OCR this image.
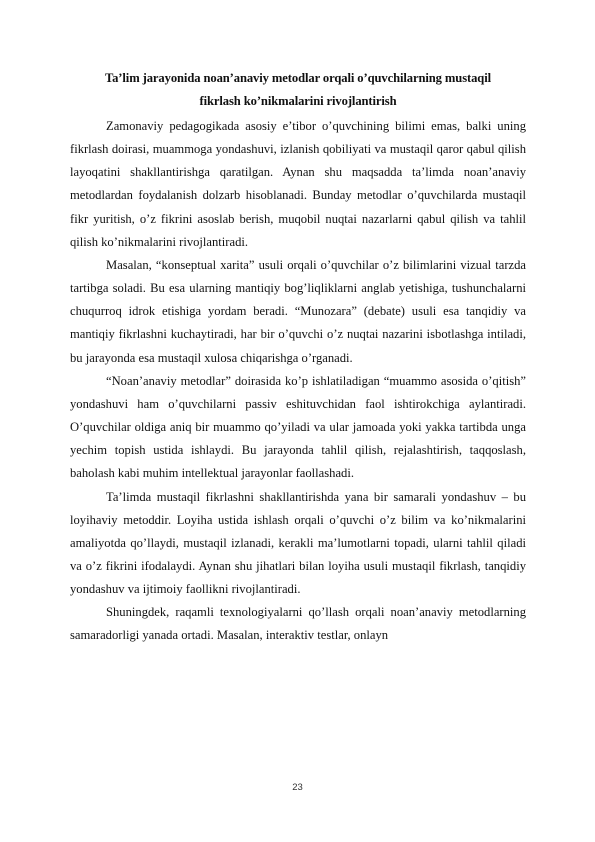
Ta’lim jarayonida noan’anaviy metodlar orqali o’quvchilarning mustaqil
fikrlash ko’nikmalarini rivojlantirish

Zamonaviy pedagogikada asosiy e’tibor o’quvchining bilimi emas, balki uning fikrlash doirasi, muammoga yondashuvi, izlanish qobiliyati va mustaqil qaror qabul qilish layoqatini shakllantirishga qaratilgan. Aynan shu maqsadda ta’limda noan’anaviy metodlardan foydalanish dolzarb hisoblanadi. Bunday metodlar o’quvchilarda mustaqil fikr yuritish, o’z fikrini asoslab berish, muqobil nuqtai nazarlarni qabul qilish va tahlil qilish ko’nikmalarini rivojlantiradi.

Masalan, “konseptual xarita” usuli orqali o’quvchilar o’z bilimlarini vizual tarzda tartibga soladi. Bu esa ularning mantiqiy bog’liqliklarni anglab yetishiga, tushunchalarni chuqurroq idrok etishiga yordam beradi. “Munozara” (debate) usuli esa tanqidiy va mantiqiy fikrlashni kuchaytiradi, har bir o’quvchi o’z nuqtai nazarini isbotlashga intiladi, bu jarayonda esa mustaqil xulosa chiqarishga o’rganadi.

“Noan’anaviy metodlar” doirasida ko’p ishlatiladigan “muammo asosida o’qitish” yondashuvi ham o’quvchilarni passiv eshituvchidan faol ishtirokchiga aylantiradi. O’quvchilar oldiga aniq bir muammo qo’yiladi va ular jamoada yoki yakka tartibda unga yechim topish ustida ishlaydi. Bu jarayonda tahlil qilish, rejalashtirish, taqqoslash, baholash kabi muhim intellektual jarayonlar faollashadi.

Ta’limda mustaqil fikrlashni shakllantirishda yana bir samarali yondashuv – bu loyihaviy metoddir. Loyiha ustida ishlash orqali o’quvchi o’z bilim va ko’nikmalarini amaliyotda qo’llaydi, mustaqil izlanadi, kerakli ma’lumotlarni topadi, ularni tahlil qiladi va o’z fikrini ifodalaydi. Aynan shu jihatlari bilan loyiha usuli mustaqil fikrlash, tanqidiy yondashuv va ijtimoiy faollikni rivojlantiradi.

Shuningdek, raqamli texnologiyalarni qo’llash orqali noan’anaviy metodlarning samaradorligi yanada ortadi. Masalan, interaktiv testlar, onlayn

23
